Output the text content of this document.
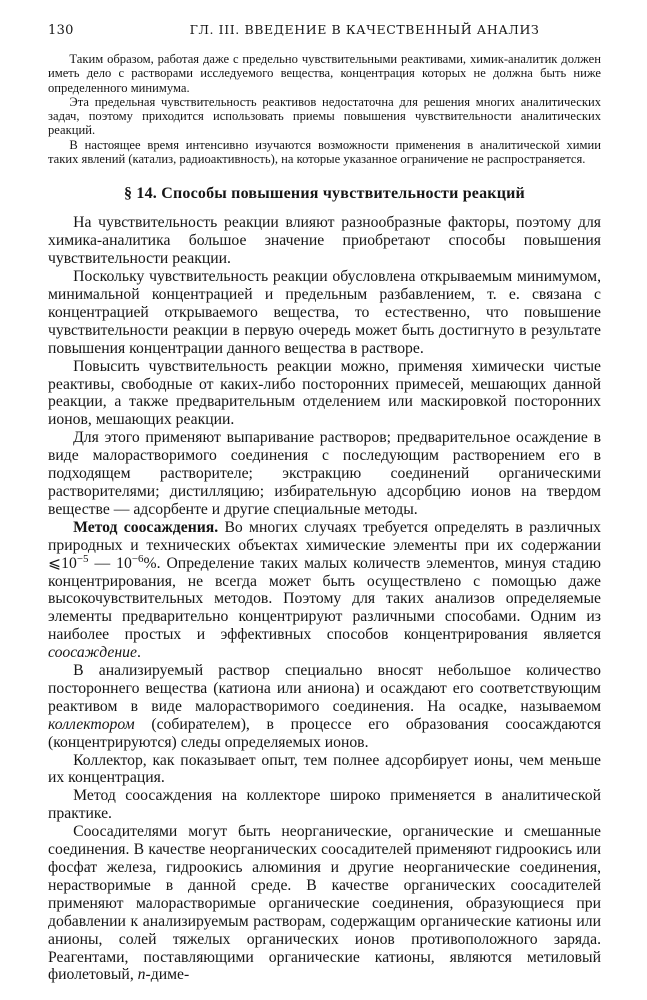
130	ГЛ. III. ВВЕДЕНИЕ В КАЧЕСТВЕННЫЙ АНАЛИЗ

Таким образом, работая даже с предельно чувствительными реактивами, химик-аналитик должен иметь дело с растворами исследуемого вещества, концентрация которых не должна быть ниже определенного минимума.

Эта предельная чувствительность реактивов недостаточна для решения многих аналитических задач, поэтому приходится использовать приемы повышения чувствительности аналитических реакций.

В настоящее время интенсивно изучаются возможности применения в аналитической химии таких явлений (катализ, радиоактивность), на которые указанное ограничение не распространяется.

§ 14. Способы повышения чувствительности реакций

На чувствительность реакции влияют разнообразные факторы, поэтому для химика-аналитика большое значение приобретают способы повышения чувствительности реакции.

Поскольку чувствительность реакции обусловлена открываемым минимумом, минимальной концентрацией и предельным разбавлением, т. е. связана с концентрацией открываемого вещества, то естественно, что повышение чувствительности реакции в первую очередь может быть достигнуто в результате повышения концентрации данного вещества в растворе.

Повысить чувствительность реакции можно, применяя химически чистые реактивы, свободные от каких-либо посторонних примесей, мешающих данной реакции, а также предварительным отделением или маскировкой посторонних ионов, мешающих реакции.

Для этого применяют выпаривание растворов; предварительное осаждение в виде малорастворимого соединения с последующим растворением его в подходящем растворителе; экстракцию соединений органическими растворителями; дистилляцию; избирательную адсорбцию ионов на твердом веществе — адсорбенте и другие специальные методы.

Метод соосаждения. Во многих случаях требуется определять в различных природных и технических объектах химические элементы при их содержании $⩽10^{-5}$ — $10^{-6}\%$. Определение таких малых количеств элементов, минуя стадию концентрирования, не всегда может быть осуществлено с помощью даже высокочувствительных методов. Поэтому для таких анализов определяемые элементы предварительно концентрируют различными способами. Одним из наиболее простых и эффективных способов концентрирования является соосаждение.

В анализируемый раствор специально вносят небольшое количество постороннего вещества (катиона или аниона) и осаждают его соответствующим реактивом в виде малорастворимого соединения. На осадке, называемом коллектором (собирателем), в процессе его образования соосаждаются (концентрируются) следы определяемых ионов.

Коллектор, как показывает опыт, тем полнее адсорбирует ионы, чем меньше их концентрация.

Метод соосаждения на коллекторе широко применяется в аналитической практике.

Соосадителями могут быть неорганические, органические и смешанные соединения. В качестве неорганических соосадителей применяют гидроокись или фосфат железа, гидроокись алюминия и другие неорганические соединения, нерастворимые в данной среде. В качестве органических соосадителей применяют малорастворимые органические соединения, образующиеся при добавлении к анализируемым растворам, содержащим органические катионы или анионы, солей тяжелых органических ионов противоположного заряда. Реагентами, поставляющими органические катионы, являются метиловый фиолетовый, n-диме-
